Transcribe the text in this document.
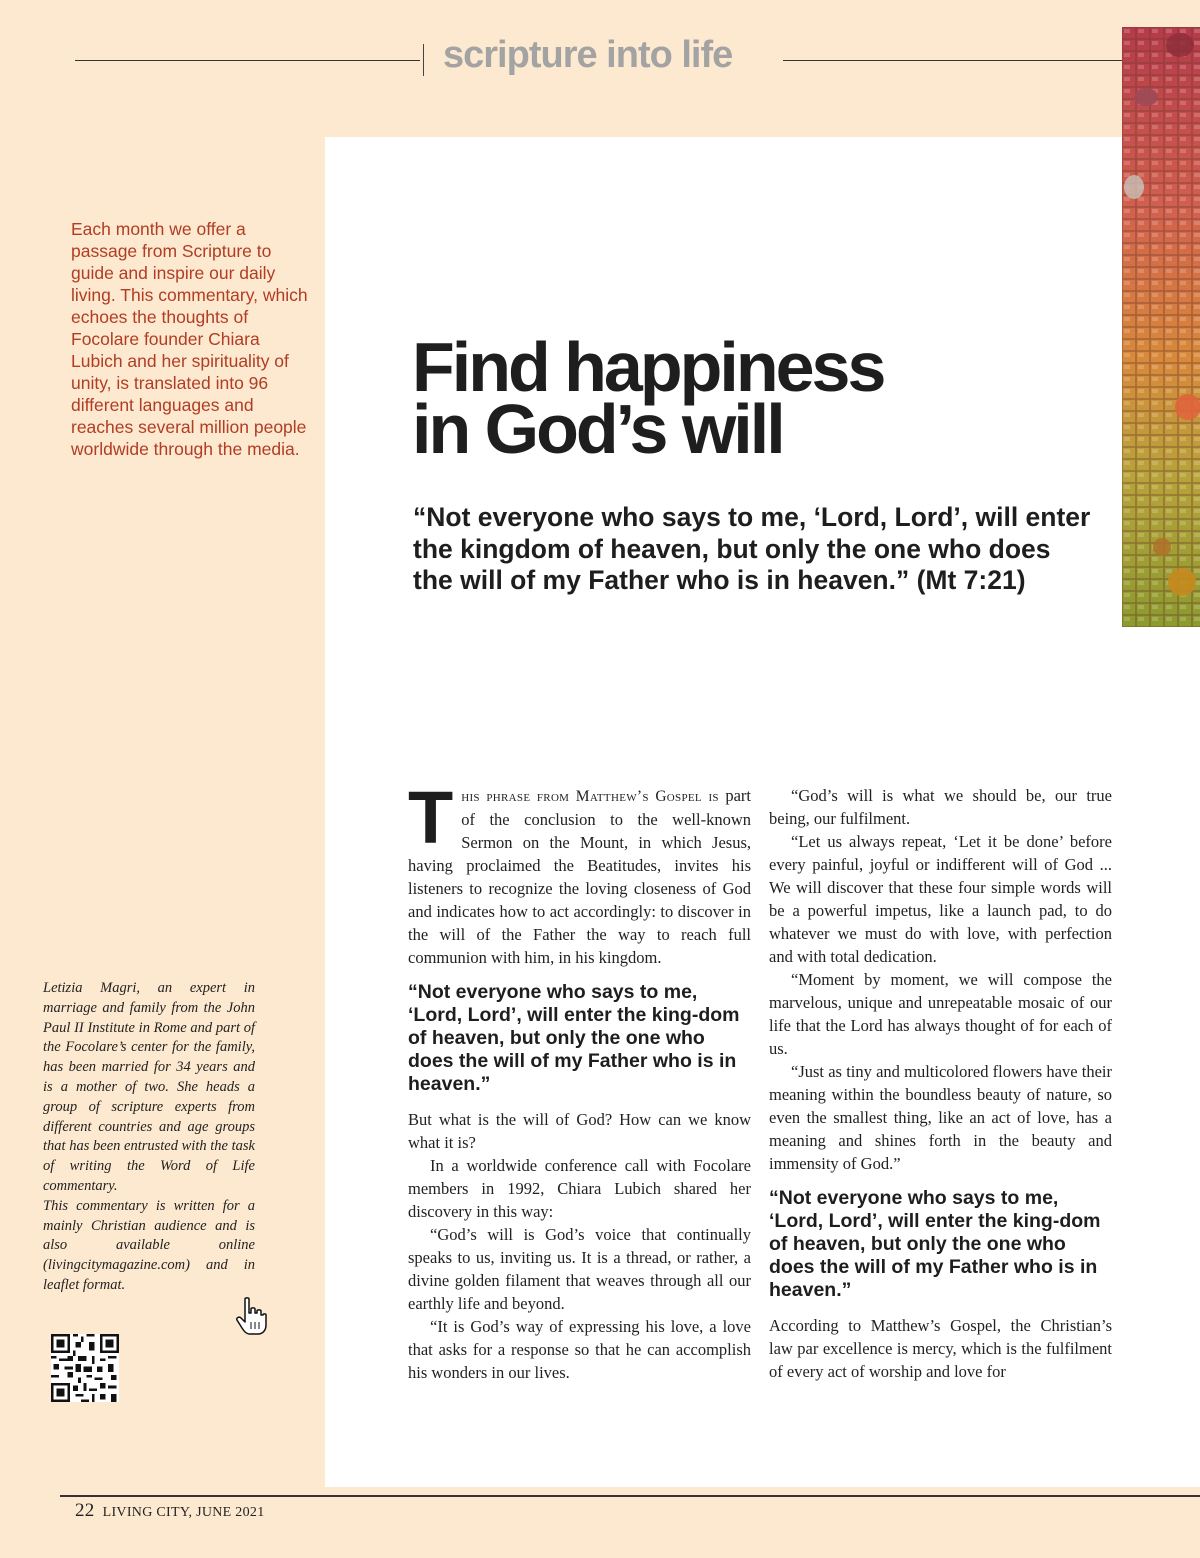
scripture into life

Each month we offer a passage from Scripture to guide and inspire our daily living. This commentary, which echoes the thoughts of Focolare founder Chiara Lubich and her spirituality of unity, is translated into 96 different languages and reaches several million people worldwide through the media.

Find happiness
in God’s will

“Not everyone who says to me, ‘Lord, Lord’, will enter the kingdom of heaven, but only the one who does the will of my Father who is in heaven.” (Mt 7:21)

This phrase from Matthew’s Gospel is part of the conclusion to the well-known Sermon on the Mount, in which Jesus, having proclaimed the Beatitudes, invites his listeners to recognize the loving closeness of God and indicates how to act accordingly: to discover in the will of the Father the way to reach full communion with him, in his kingdom.

“Not everyone who says to me, ‘Lord, Lord’, will enter the king-dom of heaven, but only the one who does the will of my Father who is in heaven.”

But what is the will of God? How can we know what it is?

In a worldwide conference call with Focolare members in 1992, Chiara Lubich shared her discovery in this way:

“God’s will is God’s voice that continually speaks to us, inviting us. It is a thread, or rather, a divine golden filament that weaves through all our earthly life and beyond.

“It is God’s way of expressing his love, a love that asks for a response so that he can accomplish his wonders in our lives.

“God’s will is what we should be, our true being, our fulfilment.

“Let us always repeat, ‘Let it be done’ before every painful, joyful or indifferent will of God ... We will discover that these four simple words will be a powerful impetus, like a launch pad, to do whatever we must do with love, with perfection and with total dedication.

“Moment by moment, we will compose the marvelous, unique and unrepeatable mosaic of our life that the Lord has always thought of for each of us.

“Just as tiny and multicolored flowers have their meaning within the boundless beauty of nature, so even the smallest thing, like an act of love, has a meaning and shines forth in the beauty and immensity of God.”

“Not everyone who says to me, ‘Lord, Lord’, will enter the king-dom of heaven, but only the one who does the will of my Father who is in heaven.”

According to Matthew’s Gospel, the Christian’s law par excellence is mercy, which is the fulfilment of every act of worship and love for

Letizia Magri, an expert in marriage and family from the John Paul II Institute in Rome and part of the Focolare’s center for the family, has been married for 34 years and is a mother of two. She heads a group of scripture experts from different countries and age groups that has been entrusted with the task of writing the Word of Life commentary.
This commentary is written for a mainly Christian audience and is also available online (livingcitymagazine.com) and in leaflet format.

22 LIVING CITY, JUNE 2021
